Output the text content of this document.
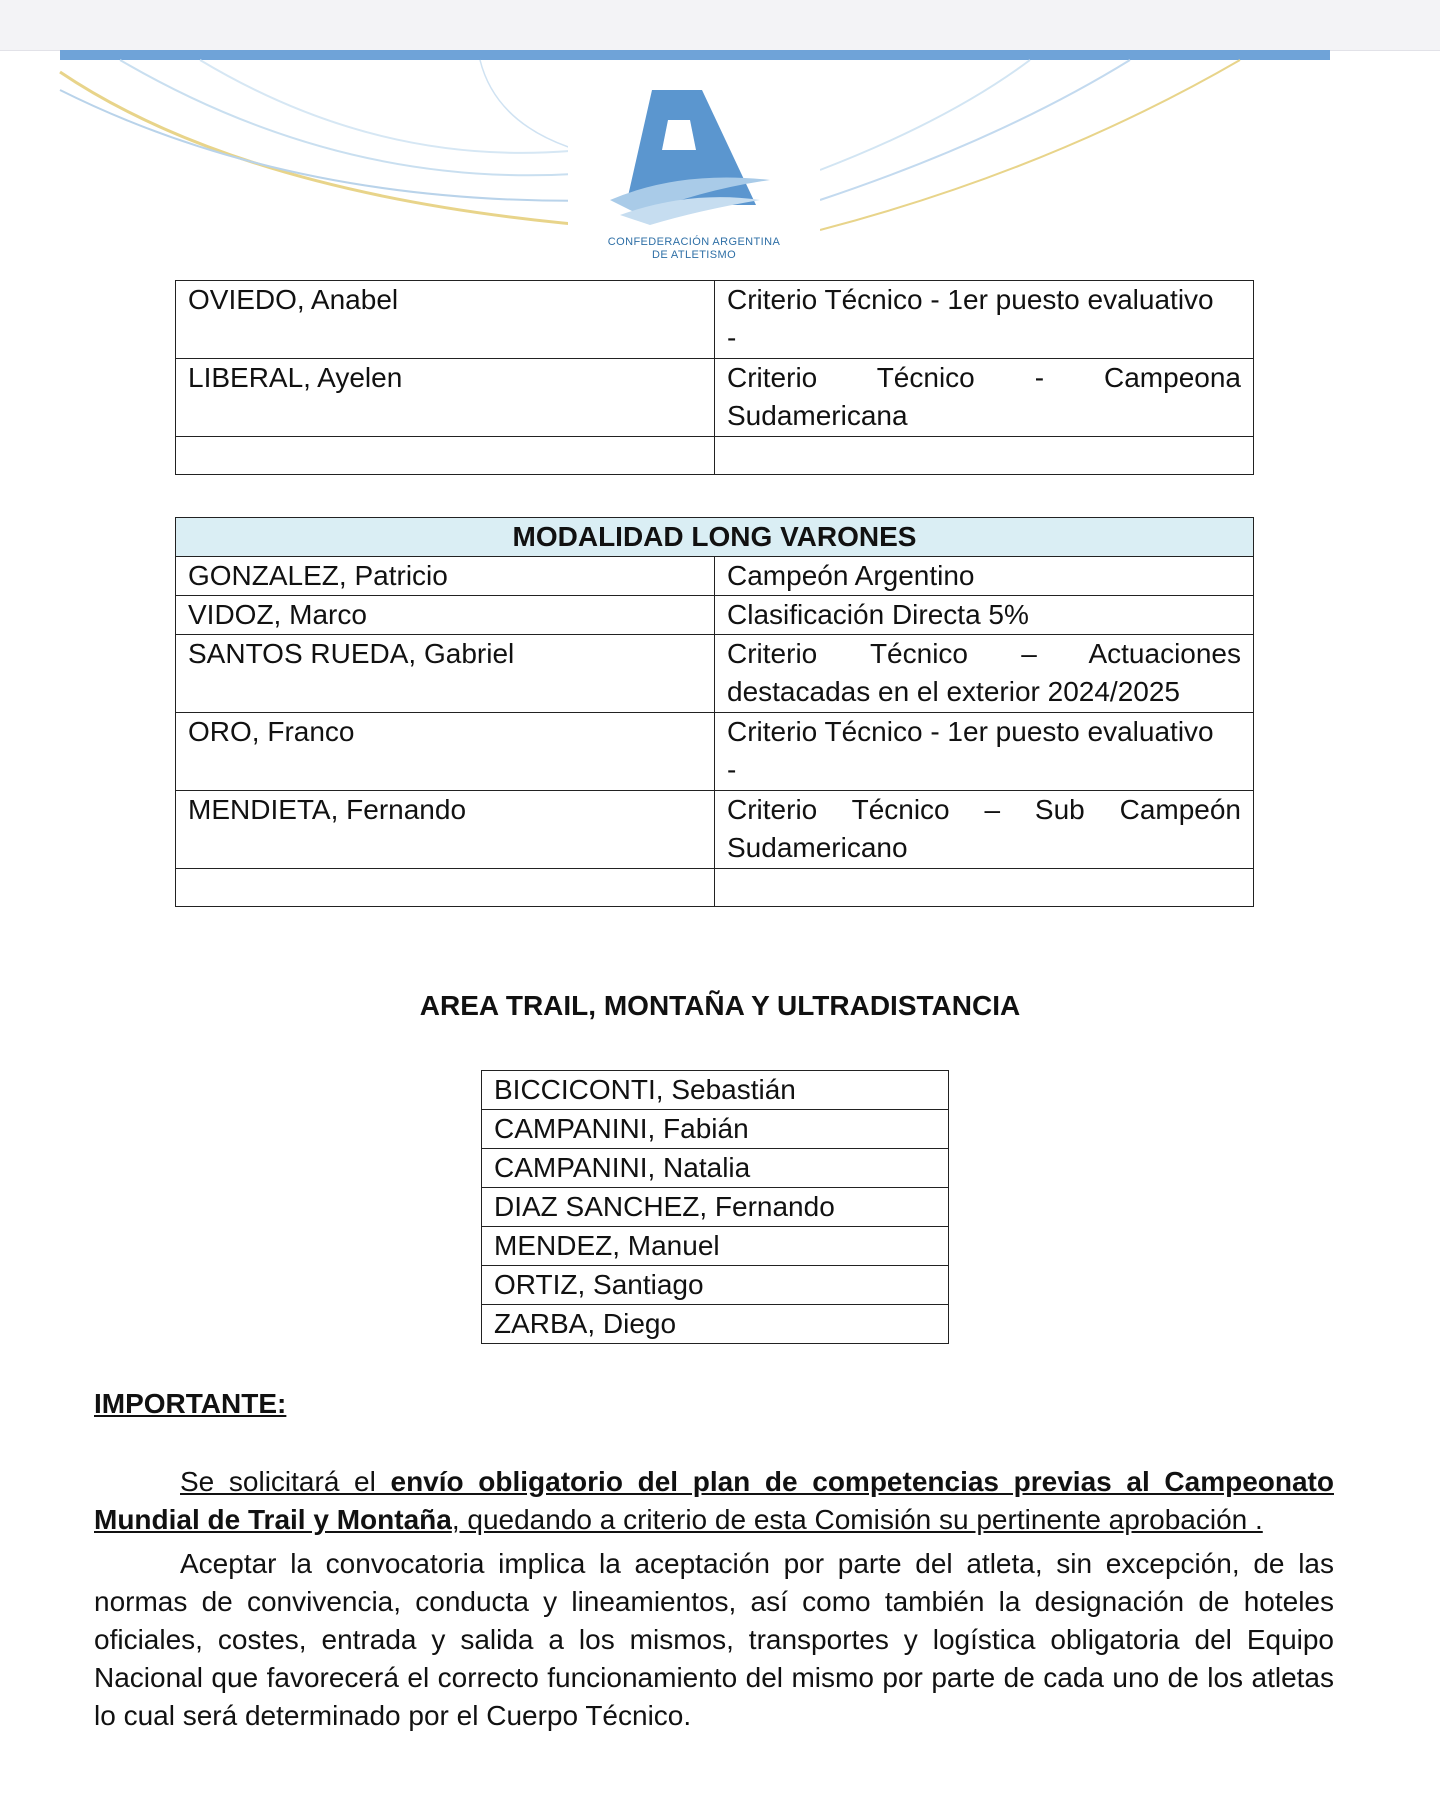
CONFEDERACIÓN ARGENTINA
DE ATLETISMO
OVIEDO, Anabel	Criterio Técnico - 1er puesto evaluativo
-

LIBERAL, Ayelen	Criterio Técnico - Campeona
Sudamericana

MODALIDAD LONG VARONES	
GONZALEZ, Patricio	Campeón Argentino
VIDOZ, Marco	Clasificación Directa 5%
SANTOS RUEDA, Gabriel	Criterio Técnico – Actuaciones
destacadas en el exterior 2024/2025

ORO, Franco	Criterio Técnico - 1er puesto evaluativo
-

MENDIETA, Fernando	Criterio Técnico – Sub Campeón
Sudamericano

AREA TRAIL, MONTAÑA Y ULTRADISTANCIA
BICCICONTI, Sebastián
CAMPANINI, Fabián
CAMPANINI, Natalia
DIAZ SANCHEZ, Fernando
MENDEZ, Manuel
ORTIZ, Santiago
ZARBA, Diego
IMPORTANTE:
Se solicitará el envío obligatorio del plan de competencias previas al Campeonato Mundial de Trail y Montaña, quedando a criterio de esta Comisión su pertinente aprobación .
Aceptar la convocatoria implica la aceptación por parte del atleta, sin excepción, de las normas de convivencia, conducta y lineamientos, así como también la designación de hoteles oficiales, costes, entrada y salida a los mismos, transportes y logística obligatoria del Equipo Nacional que favorecerá el correcto funcionamiento del mismo por parte de cada uno de los atletas lo cual será determinado por el Cuerpo Técnico.
